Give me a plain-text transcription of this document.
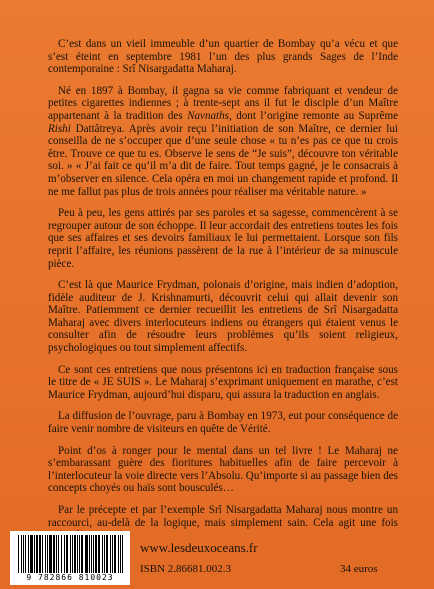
C’est dans un vieil immeuble d’un quartier de Bombay qu’a vécu et que s’est éteint en septembre 1981 l’un des plus grands Sages de l’Inde contemporaine : Srî Nisargadatta Maharaj.

Né en 1897 à Bombay, il gagna sa vie comme fabriquant et vendeur de petites cigarettes indiennes ; à trente-sept ans il fut le disciple d’un Maître appartenant à la tradition des Navnaths, dont l’origine remonte au Suprême Rishi Dattâtreya. Après avoir reçu l’initiation de son Maître, ce dernier lui conseilla de ne s’occuper que d’une seule chose « tu n’es pas ce que tu crois être. Trouve ce que tu es. Observe le sens de “Je suis”, découvre ton véritable soi. » « J’ai fait ce qu’il m’a dit de faire. Tout temps gagné, je le consacrais à m’observer en silence. Cela opéra en moi un changement rapide et profond. Il ne me fallut pas plus de trois années pour réaliser ma véritable nature. »

Peu à peu, les gens attirés par ses paroles et sa sagesse, commencèrent à se regrouper autour de son échoppe. Il leur accordait des entretiens toutes les fois que ses affaires et ses devoirs familiaux le lui permettaient. Lorsque son fils reprit l’affaire, les réunions passèrent de la rue à l’intérieur de sa minuscule pièce.

C’est là que Maurice Frydman, polonais d’origine, mais indien d’adoption, fidèle auditeur de J. Krishnamurti, découvrit celui qui allait devenir son Maître. Patiemment ce dernier recueillit les entretiens de Srî Nisargadatta Maharaj avec divers interlocuteurs indiens ou étrangers qui étaient venus le consulter afin de résoudre leurs problèmes qu’ils soient religieux, psychologiques ou tout simplement affectifs.

Ce sont ces entretiens que nous présentons ici en traduction française sous le titre de « JE SUIS ». Le Maharaj s’exprimant uniquement en marathe, c’est Maurice Frydman, aujourd’hui disparu, qui assura la traduction en anglais.

La diffusion de l’ouvrage, paru à Bombay en 1973, eut pour conséquence de faire venir nombre de visiteurs en quête de Vérité.

Point d’os à ronger pour le mental dans un tel livre ! Le Maharaj ne s’embarassant guère des fioritures habituelles afin de faire percevoir à l’interlocuteur la voie directe vers l’Absolu. Qu’importe si au passage bien des concepts choyés ou haïs sont bousculés…

Par le précepte et par l’exemple Srî Nisargadatta Maharaj nous montre un raccourci, au-delà de la logique, mais simplement sain. Cela agit une fois

9 782866 810023
www.lesdeuxoceans.fr
ISBN 2.86681.002.3	34 euros
